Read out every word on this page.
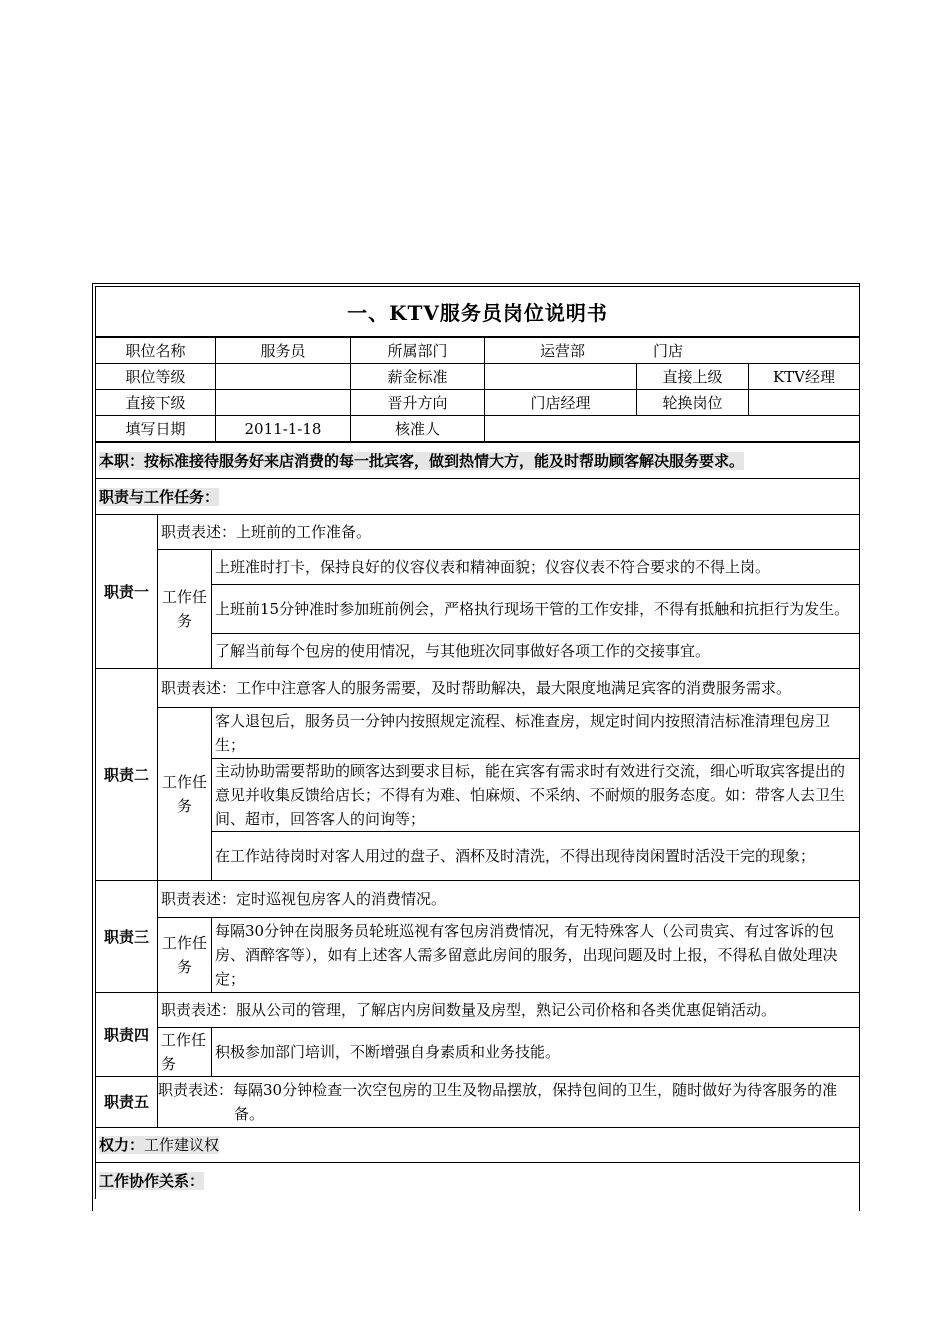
一、KTV服务员岗位说明书
职位名称	服务员	所属部门	运营部 门店		
职位等级		薪金标准		直接上级	KTV经理
直接下级		晋升方向	门店经理	轮换岗位	
填写日期	2011-1-18	核准人			
本职：按标准接待服务好来店消费的每一批宾客，做到热情大方，能及时帮助顾客解决服务要求。		
职责与工作任务：		
职责一	职责表述：上班前的工作准备。	
	工作任务	上班准时打卡，保持良好的仪容仪表和精神面貌；仪容仪表不符合要求的不得上岗。
		上班前15分钟准时参加班前例会，严格执行现场干管的工作安排，不得有抵触和抗拒行为发生。
		了解当前每个包房的使用情况，与其他班次同事做好各项工作的交接事宜。
职责二	职责表述：工作中注意客人的服务需要，及时帮助解决，最大限度地满足宾客的消费服务需求。	
	工作任务	客人退包后，服务员一分钟内按照规定流程、标准查房，规定时间内按照清洁标准清理包房卫生；
		主动协助需要帮助的顾客达到要求目标，能在宾客有需求时有效进行交流，细心听取宾客提出的意见并收集反馈给店长；不得有为难、怕麻烦、不采纳、不耐烦的服务态度。如：带客人去卫生间、超市，回答客人的问询等；
		在工作站待岗时对客人用过的盘子、酒杯及时清洗，不得出现待岗闲置时活没干完的现象；
职责三	职责表述：定时巡视包房客人的消费情况。	
	工作任务	每隔30分钟在岗服务员轮班巡视有客包房消费情况，有无特殊客人（公司贵宾、有过客诉的包房、酒醉客等），如有上述客人需多留意此房间的服务，出现问题及时上报，不得私自做处理决定；
职责四	职责表述：服从公司的管理，了解店内房间数量及房型，熟记公司价格和各类优惠促销活动。	
	工作任务	积极参加部门培训，不断增强自身素质和业务技能。
职责五	职责表述：每隔30分钟检查一次空包房的卫生及物品摆放，保持包间的卫生，随时做好为待客服务的准备。	
权力：工作建议权		
工作协作关系：		
